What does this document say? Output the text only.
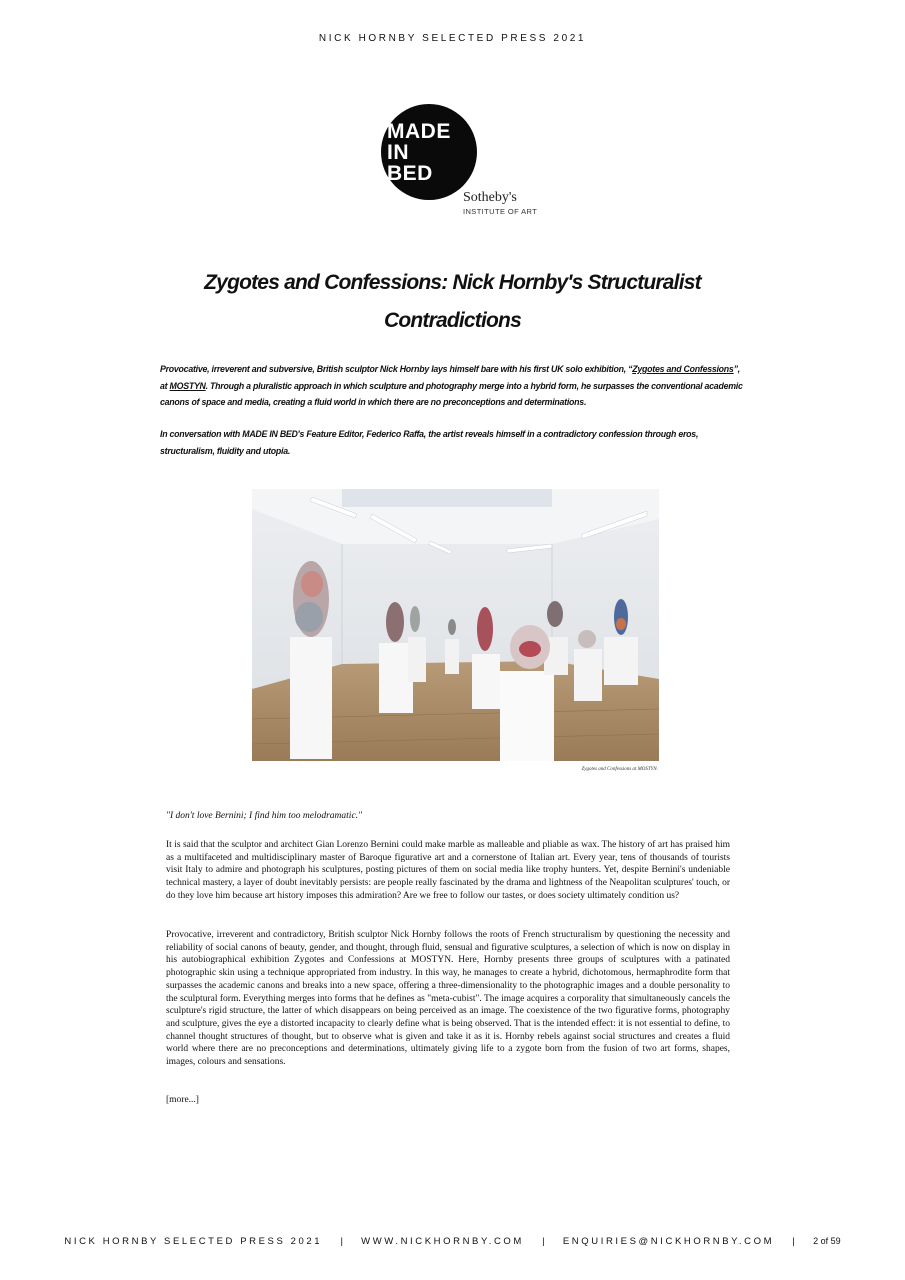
NICK HORNBY SELECTED PRESS 2021
MADE
IN
BED
Sotheby's
INSTITUTE OF ART
Zygotes and Confessions: Nick Hornby's Structuralist Contradictions

Provocative, irreverent and subversive, British sculptor Nick Hornby lays himself bare with his first UK solo exhibition, “Zygotes and Confessions”, at MOSTYN. Through a pluralistic approach in which sculpture and photography merge into a hybrid form, he surpasses the conventional academic canons of space and media, creating a fluid world in which there are no preconceptions and determinations.

In conversation with MADE IN BED's Feature Editor, Federico Raffa, the artist reveals himself in a contradictory confession through eros, structuralism, fluidity and utopia.

Zygotes and Confessions at MOSTYN.

"I don't love Bernini; I find him too melodramatic."

It is said that the sculptor and architect Gian Lorenzo Bernini could make marble as malleable and pliable as wax. The history of art has praised him as a multifaceted and multidisciplinary master of Baroque figurative art and a cornerstone of Italian art. Every year, tens of thousands of tourists visit Italy to admire and photograph his sculptures, posting pictures of them on social media like trophy hunters. Yet, despite Bernini's undeniable technical mastery, a layer of doubt inevitably persists: are people really fascinated by the drama and lightness of the Neapolitan sculptures' touch, or do they love him because art history imposes this admiration? Are we free to follow our tastes, or does society ultimately condition us?

Provocative, irreverent and contradictory, British sculptor Nick Hornby follows the roots of French structuralism by questioning the necessity and reliability of social canons of beauty, gender, and thought, through fluid, sensual and figurative sculptures, a selection of which is now on display in his autobiographical exhibition Zygotes and Confessions at MOSTYN. Here, Hornby presents three groups of sculptures with a patinated photographic skin using a technique appropriated from industry. In this way, he manages to create a hybrid, dichotomous, hermaphrodite form that surpasses the academic canons and breaks into a new space, offering a three-dimensionality to the photographic images and a double personality to the sculptural form. Everything merges into forms that he defines as "meta-cubist". The image acquires a corporality that simultaneously cancels the sculpture's rigid structure, the latter of which disappears on being perceived as an image. The coexistence of the two figurative forms, photography and sculpture, gives the eye a distorted incapacity to clearly define what is being observed. That is the intended effect: it is not essential to define, to channel thought structures of thought, but to observe what is given and take it as it is. Hornby rebels against social structures and creates a fluid world where there are no preconceptions and determinations, ultimately giving life to a zygote born from the fusion of two art forms, shapes, images, colours and sensations.

[more...]

NICK HORNBY SELECTED PRESS 2021 | WWW.NICKHORNBY.COM | ENQUIRIES@NICKHORNBY.COM | 2 of 59
